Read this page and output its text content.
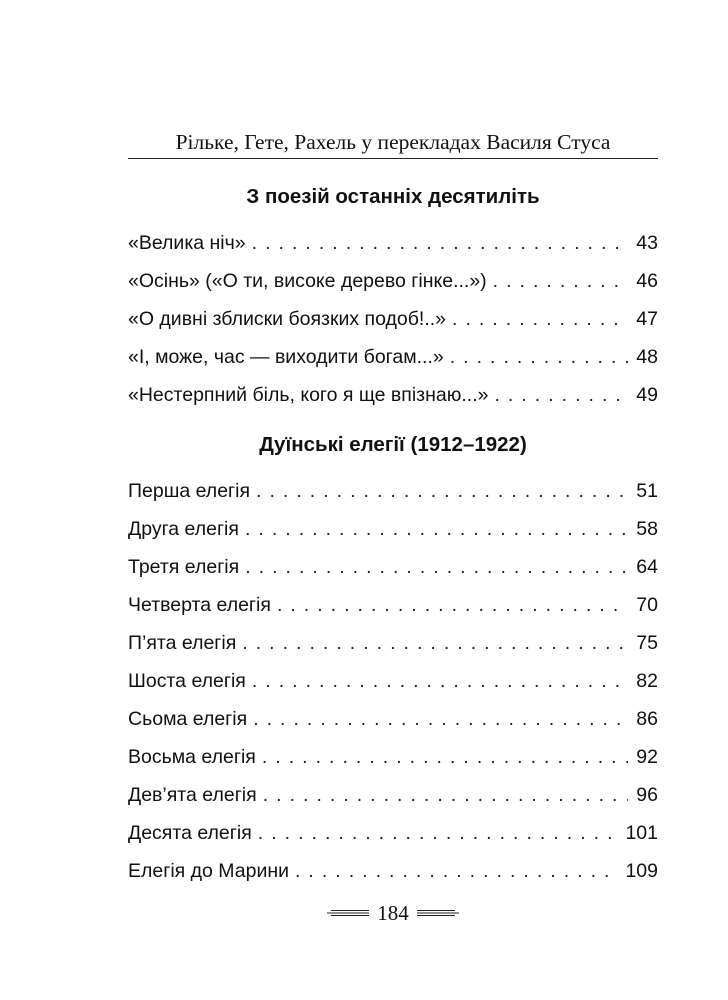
Рільке, Гете, Рахель у перекладах Василя Стуса
З поезій останніх десятиліть
«Велика ніч» . . .	43
«Осінь» («О ти, високе дерево гінке...») . . .	46
«О дивні зблиски боязких подоб!..» . . .	47
«І, може, час — виходити богам...» . . .	48
«Нестерпний біль, кого я ще впізнаю...» . . .	49
Дуїнські елегії (1912–1922)
Перша елегія . . .	51
Друга елегія . . .	58
Третя елегія . . .	64
Четверта елегія . . .	70
П’ята елегія . . .	75
Шоста елегія . . .	82
Сьома елегія . . .	86
Восьма елегія . . .	92
Дев’ята елегія . . .	96
Десята елегія . . .	101
Елегія до Марини . . .	109
184
